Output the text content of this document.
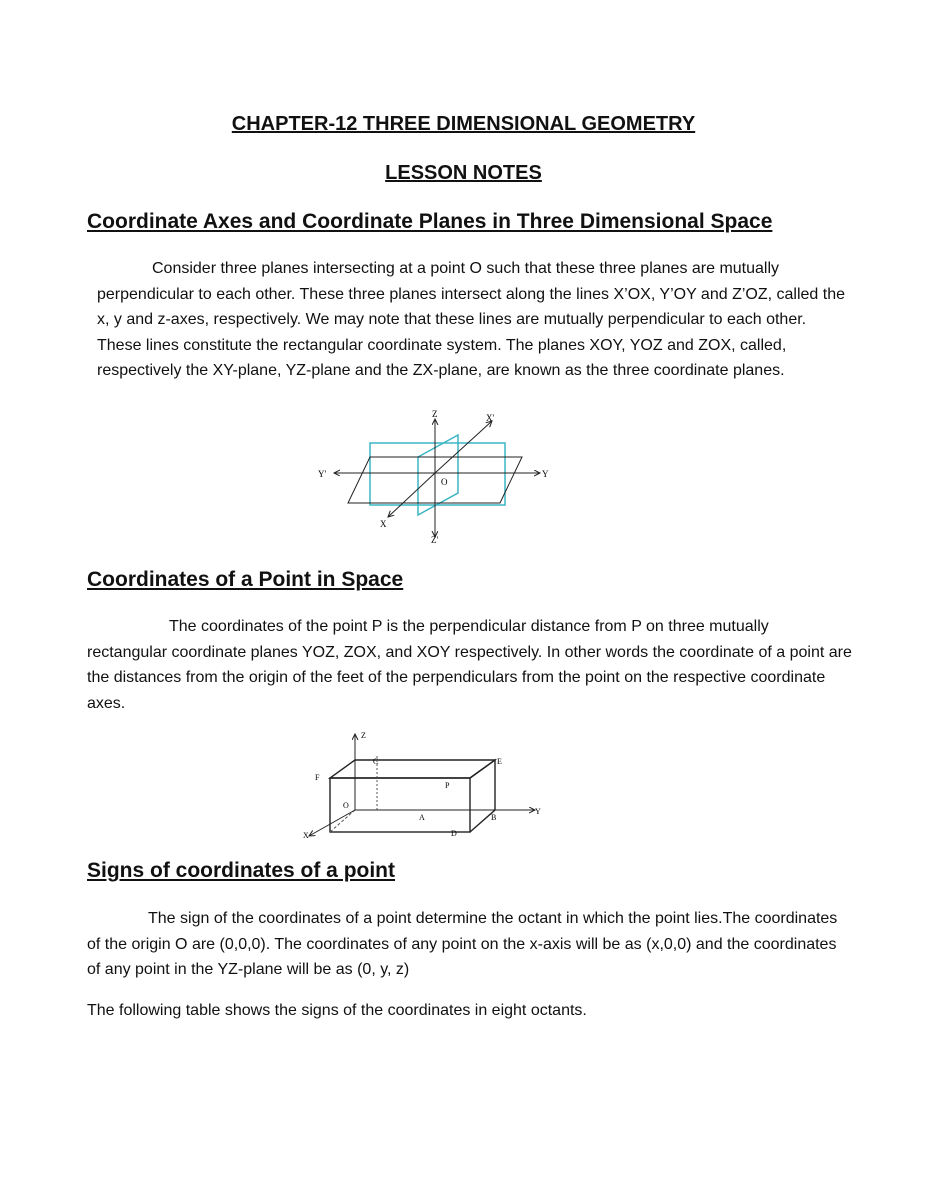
CHAPTER-12 THREE DIMENSIONAL GEOMETRY
LESSON NOTES
Coordinate Axes and Coordinate Planes in Three Dimensional Space
Consider three planes intersecting at a point O such that these three planes are mutually
perpendicular to each other. These three planes intersect along the lines X’OX, Y’OY and Z’OZ, called the
x, y and z-axes, respectively. We may note that these lines are mutually perpendicular to each other.
These lines constitute the rectangular coordinate system. The planes XOY, YOZ and ZOX, called,
respectively the XY-plane, YZ-plane and the ZX-plane, are known as the three coordinate planes.
Z
Z'
X'
X
Y
Y'
O
Coordinates of a Point in Space
The coordinates of the point P is the perpendicular distance from P on three mutually
rectangular coordinate planes YOZ, ZOX, and XOY respectively. In other words the coordinate of a point are
the distances from the origin of the feet of the perpendiculars from the point on the respective coordinate
axes.
Z
C
F
E
P
O
B
D
A
Y
X
Signs of coordinates of a point
The sign of the coordinates of a point determine the octant in which the point lies.The coordinates
of the origin O are (0,0,0). The coordinates of any point on the x-axis will be as (x,0,0) and the coordinates
of any point in the YZ-plane will be as (0, y, z)
The following table shows the signs of the coordinates in eight octants.
